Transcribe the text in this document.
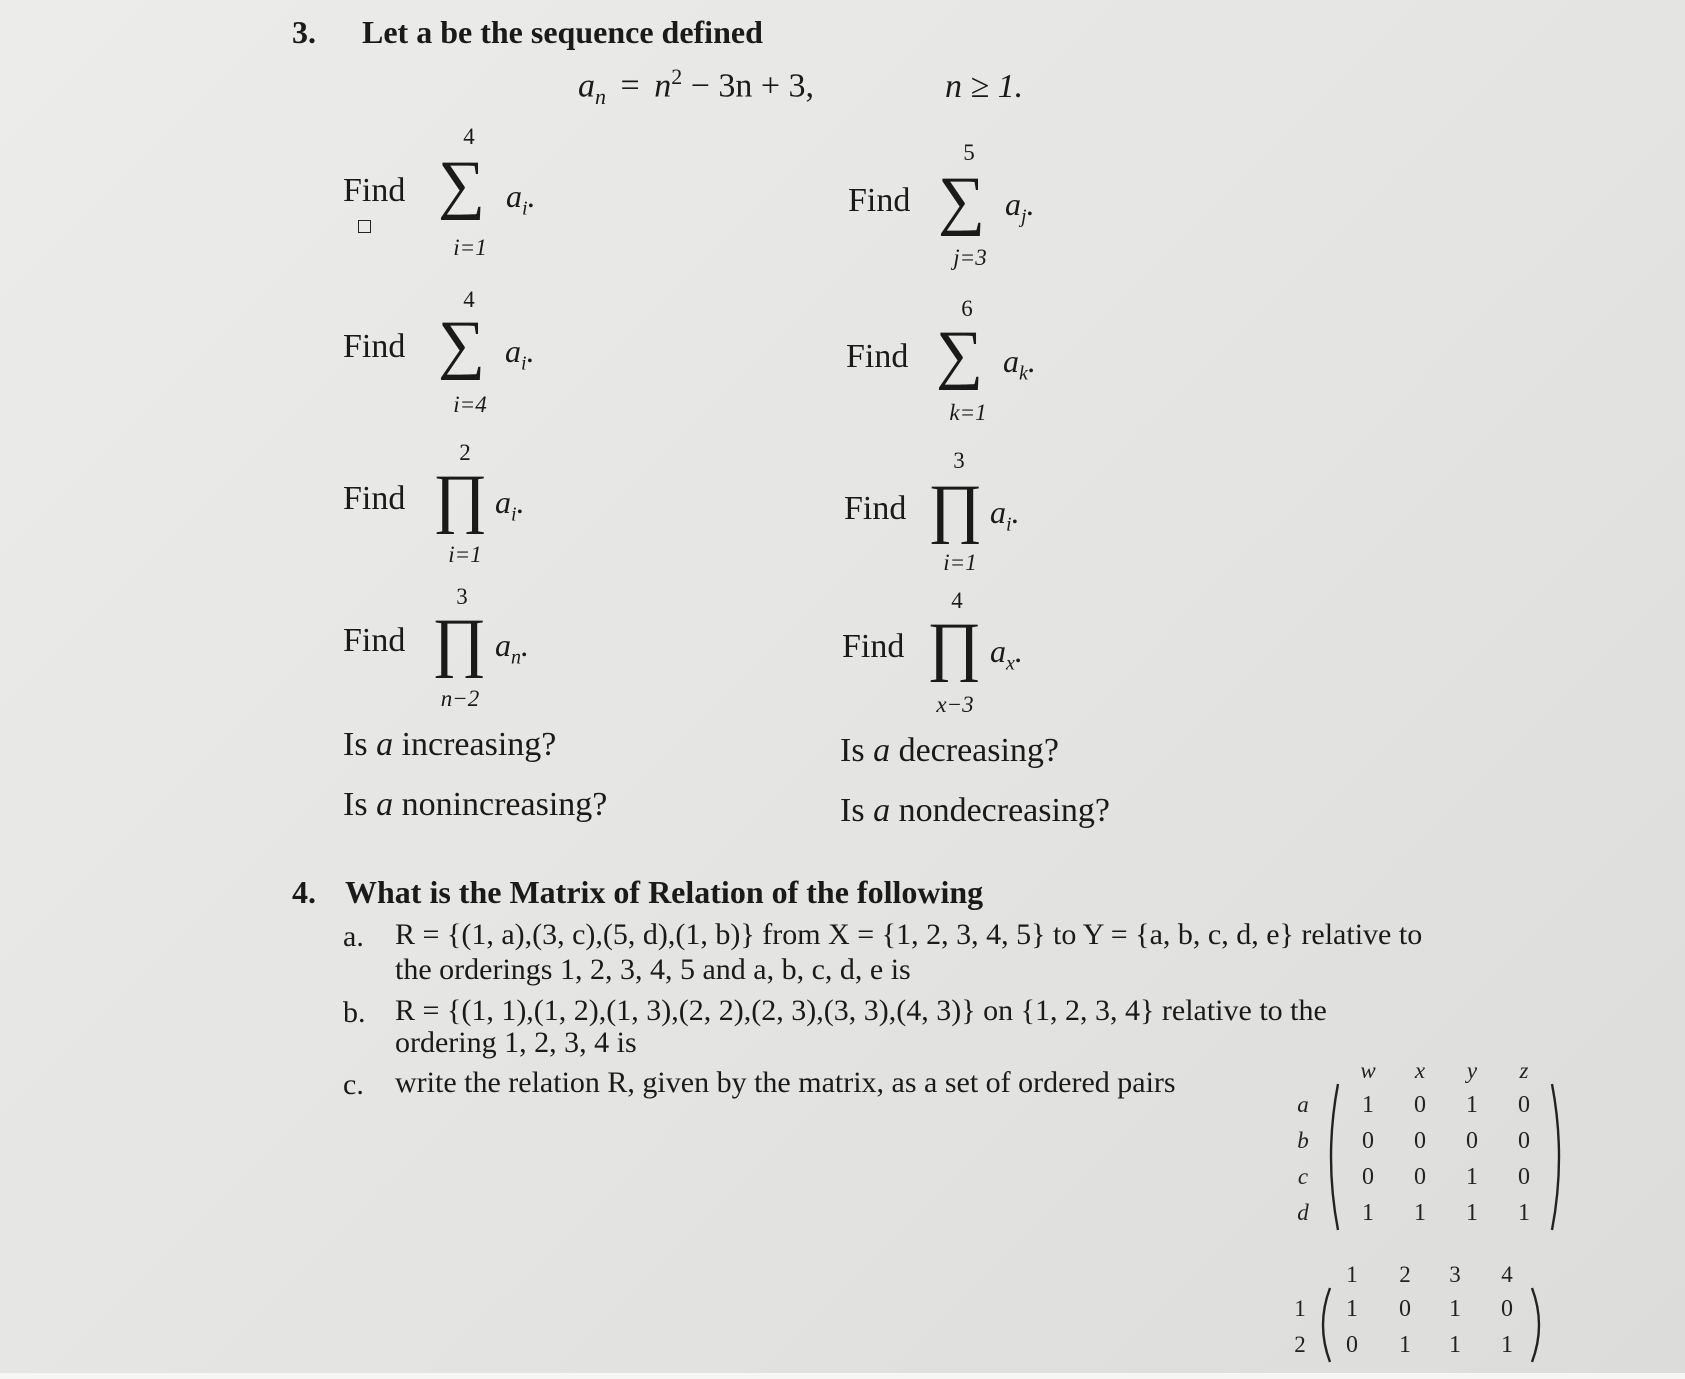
3. Let a be the sequence defined
$a_n = n^2 - 3n + 3$,	n ≥ 1.
Find
4
∑
i=1
$a_i$.	Find
5
∑
j=3
$a_j$.
Find
4
∑
i=4
$a_i$.	Find
6
∑
k=1
$a_k$.
Find
2
∏
i=1
$a_i$.	Find
3
∏
i=1
$a_i$.
Find
3
∏
n−2
$a_n$.	Find
4
∏
x−3
$a_x$.
Is a increasing?	Is a decreasing?
Is a nonincreasing?	Is a nondecreasing?
4. What is the Matrix of Relation of the following
a. R = {(1, a),(3, c),(5, d),(1, b)} from X = {1, 2, 3, 4, 5} to Y = {a, b, c, d, e} relative to
the orderings 1, 2, 3, 4, 5 and a, b, c, d, e is
b. R = {(1, 1),(1, 2),(1, 3),(2, 2),(2, 3),(3, 3),(4, 3)} on {1, 2, 3, 4} relative to the
ordering 1, 2, 3, 4 is
c. write the relation R, given by the matrix, as a set of ordered pairs	w x y z
a 1 0 1 0
b 0 0 0 0
c 0 0 1 0
d 1 1 1 1
1 2 3 4
1 1 0 1 0
2 0 1 1 1
